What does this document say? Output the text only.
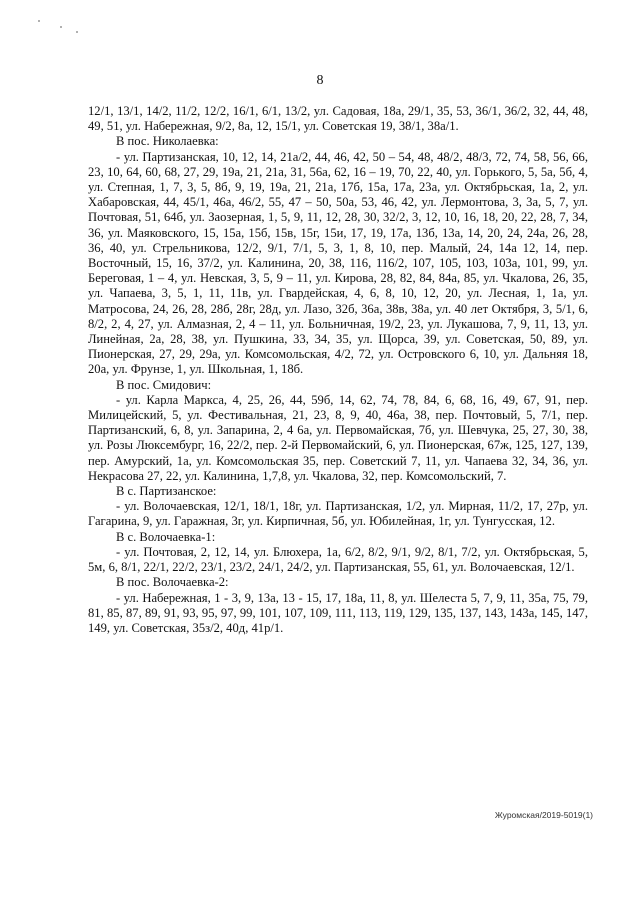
8

12/1, 13/1, 14/2, 11/2, 12/2, 16/1, 6/1, 13/2, ул. Садовая, 18а, 29/1, 35, 53, 36/1, 36/2, 32, 44, 48, 49, 51, ул. Набережная, 9/2, 8а, 12, 15/1, ул. Советская 19, 38/1, 38а/1.

В пос. Николаевка:

- ул. Партизанская, 10, 12, 14, 21а/2, 44, 46, 42, 50 – 54, 48, 48/2, 48/3, 72, 74, 58, 56, 66, 23, 10, 64, 60, 68, 27, 29, 19а, 21, 21а, 31, 56а, 62, 16 – 19, 70, 22, 40, ул. Горького, 5, 5а, 5б, 4, ул. Степная, 1, 7, 3, 5, 8б, 9, 19, 19а, 21, 21а, 17б, 15а, 17а, 23а, ул. Октябрьская, 1а, 2, ул. Хабаровская, 44, 45/1, 46а, 46/2, 55, 47 – 50, 50а, 53, 46, 42, ул. Лермонтова, 3, 3а, 5, 7, ул. Почтовая, 51, 64б, ул. Заозерная, 1, 5, 9, 11, 12, 28, 30, 32/2, 3, 12, 10, 16, 18, 20, 22, 28, 7, 34, 36, ул. Маяковского, 15, 15а, 15б, 15в, 15г, 15и, 17, 19, 17а, 13б, 13а, 14, 20, 24, 24а, 26, 28, 36, 40, ул. Стрельникова, 12/2, 9/1, 7/1, 5, 3, 1, 8, 10, пер. Малый, 24, 14а 12, 14, пер. Восточный, 15, 16, 37/2, ул. Калинина, 20, 38, 116, 116/2, 107, 105, 103, 103а, 101, 99, ул. Береговая, 1 – 4, ул. Невская, 3, 5, 9 – 11, ул. Кирова, 28, 82, 84, 84а, 85, ул. Чкалова, 26, 35, ул. Чапаева, 3, 5, 1, 11, 11в, ул. Гвардейская, 4, 6, 8, 10, 12, 20, ул. Лесная, 1, 1а, ул. Матросова, 24, 26, 28, 28б, 28г, 28д, ул. Лазо, 32б, 36а, 38в, 38а, ул. 40 лет Октября, 3, 5/1, 6, 8/2, 2, 4, 27, ул. Алмазная, 2, 4 – 11, ул. Больничная, 19/2, 23, ул. Лукашова, 7, 9, 11, 13, ул. Линейная, 2а, 28, 38, ул. Пушкина, 33, 34, 35, ул. Щорса, 39, ул. Советская, 50, 89, ул. Пионерская, 27, 29, 29а, ул. Комсомольская, 4/2, 72, ул. Островского 6, 10, ул. Дальняя 18, 20а, ул. Фрунзе, 1, ул. Школьная, 1, 18б.

В пос. Смидович:

- ул. Карла Маркса, 4, 25, 26, 44, 59б, 14, 62, 74, 78, 84, 6, 68, 16, 49, 67, 91, пер. Милицейский, 5, ул. Фестивальная, 21, 23, 8, 9, 40, 46а, 38, пер. Почтовый, 5, 7/1, пер. Партизанский, 6, 8, ул. Запарина, 2, 4 6а, ул. Первомайская, 7б, ул. Шевчука, 25, 27, 30, 38, ул. Розы Люксембург, 16, 22/2, пер. 2-й Первомайский, 6, ул. Пионерская, 67ж, 125, 127, 139, пер. Амурский, 1а, ул. Комсомольская 35, пер. Советский 7, 11, ул. Чапаева 32, 34, 36, ул. Некрасова 27, 22, ул. Калинина, 1,7,8, ул. Чкалова, 32, пер. Комсомольский, 7.

В с. Партизанское:

- ул. Волочаевская, 12/1, 18/1, 18г, ул. Партизанская, 1/2, ул. Мирная, 11/2, 17, 27р, ул. Гагарина, 9, ул. Гаражная, 3г, ул. Кирпичная, 5б, ул. Юбилейная, 1г, ул. Тунгусская, 12.

В с. Волочаевка-1:

- ул. Почтовая, 2, 12, 14, ул. Блюхера, 1а, 6/2, 8/2, 9/1, 9/2, 8/1, 7/2, ул. Октябрьская, 5, 5м, 6, 8/1, 22/1, 22/2, 23/1, 23/2, 24/1, 24/2, ул. Партизанская, 55, 61, ул. Волочаевская, 12/1.

В пос. Волочаевка-2:

- ул. Набережная, 1 - 3, 9, 13а, 13 - 15, 17, 18а, 11, 8, ул. Шелеста 5, 7, 9, 11, 35а, 75, 79, 81, 85, 87, 89, 91, 93, 95, 97, 99, 101, 107, 109, 111, 113, 119, 129, 135, 137, 143, 143а, 145, 147, 149, ул. Советская, 35з/2, 40д, 41р/1.

Журомская/2019-5019(1)
